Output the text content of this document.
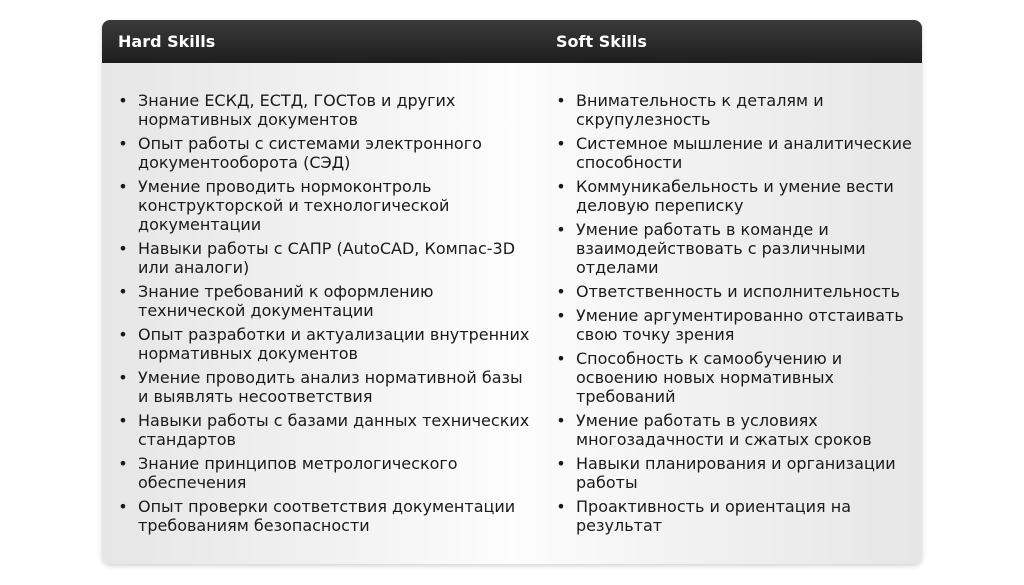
Hard Skills	Soft Skills
• Знание ЕСКД, ЕСТД, ГОСТов и других нормативных документов
• Опыт работы с системами электронного документооборота (СЭД)
• Умение проводить нормоконтроль конструкторской и технологической документации
• Навыки работы с САПР (AutoCAD, Компас-3D или аналоги)
• Знание требований к оформлению технической документации
• Опыт разработки и актуализации внутренних нормативных документов
• Умение проводить анализ нормативной базы и выявлять несоответствия
• Навыки работы с базами данных технических стандартов
• Знание принципов метрологического обеспечения
• Опыт проверки соответствия документации требованиям безопасности
• Внимательность к деталям и скрупулезность
• Системное мышление и аналитические способности
• Коммуникабельность и умение вести деловую переписку
• Умение работать в команде и взаимодействовать с различными отделами
• Ответственность и исполнительность
• Умение аргументированно отстаивать свою точку зрения
• Способность к самообучению и освоению новых нормативных требований
• Умение работать в условиях многозадачности и сжатых сроков
• Навыки планирования и организации работы
• Проактивность и ориентация на результат
